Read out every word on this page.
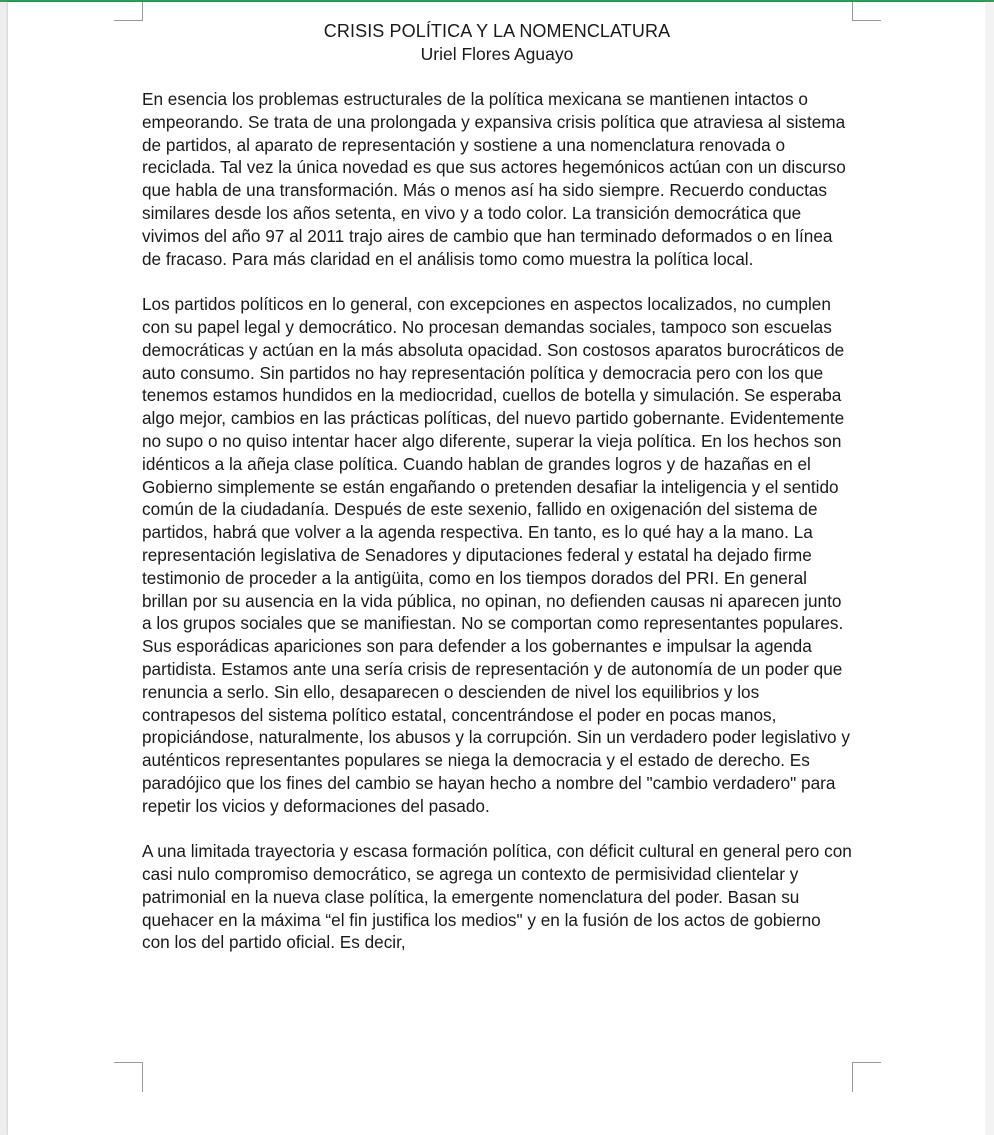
CRISIS POLÍTICA Y LA NOMENCLATURA
Uriel Flores Aguayo

En esencia los problemas estructurales de la política mexicana se mantienen intactos o empeorando. Se trata de una prolongada y expansiva crisis política que atraviesa al sistema de partidos, al aparato de representación y sostiene a una nomenclatura renovada o reciclada. Tal vez la única novedad es que sus actores hegemónicos actúan con un discurso que habla de una transformación. Más o menos así ha sido siempre. Recuerdo conductas similares desde los años setenta, en vivo y a todo color. La transición democrática que vivimos del año 97 al 2011 trajo aires de cambio que han terminado deformados o en línea de fracaso. Para más claridad en el análisis tomo como muestra la política local.

Los partidos políticos en lo general, con excepciones en aspectos localizados, no cumplen con su papel legal y democrático. No procesan demandas sociales, tampoco son escuelas democráticas y actúan en la más absoluta opacidad. Son costosos aparatos burocráticos de auto consumo. Sin partidos no hay representación política y democracia pero con los que tenemos estamos hundidos en la mediocridad, cuellos de botella y simulación. Se esperaba algo mejor, cambios en las prácticas políticas, del nuevo partido gobernante. Evidentemente no supo o no quiso intentar hacer algo diferente, superar la vieja política. En los hechos son idénticos a la añeja clase política. Cuando hablan de grandes logros y de hazañas en el Gobierno simplemente se están engañando o pretenden desafiar la inteligencia y el sentido común de la ciudadanía. Después de este sexenio, fallido en oxigenación del sistema de partidos, habrá que volver a la agenda respectiva. En tanto, es lo qué hay a la mano. La representación legislativa de Senadores y diputaciones federal y estatal ha dejado firme testimonio de proceder a la antigüita, como en los tiempos dorados del PRI. En general brillan por su ausencia en la vida pública, no opinan, no defienden causas ni aparecen junto a los grupos sociales que se manifiestan. No se comportan como representantes populares. Sus esporádicas apariciones son para defender a los gobernantes e impulsar la agenda partidista. Estamos ante una sería crisis de representación y de autonomía de un poder que renuncia a serlo. Sin ello, desaparecen o descienden de nivel los equilibrios y los contrapesos del sistema político estatal, concentrándose el poder en pocas manos, propiciándose, naturalmente, los abusos y la corrupción. Sin un verdadero poder legislativo y auténticos representantes populares se niega la democracia y el estado de derecho. Es paradójico que los fines del cambio se hayan hecho a nombre del "cambio verdadero" para repetir los vicios y deformaciones del pasado.

A una limitada trayectoria y escasa formación política, con déficit cultural en general pero con casi nulo compromiso democrático, se agrega un contexto de permisividad clientelar y patrimonial en la nueva clase política, la emergente nomenclatura del poder. Basan su quehacer en la máxima “el fin justifica los medios" y en la fusión de los actos de gobierno con los del partido oficial. Es decir,
